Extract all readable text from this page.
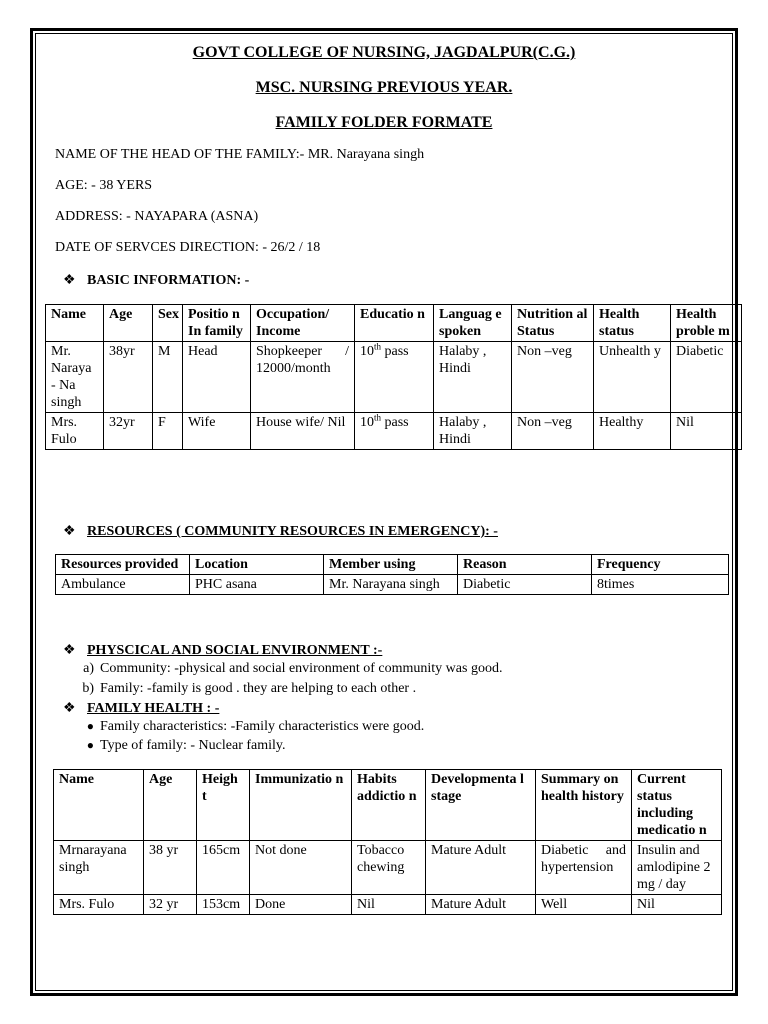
GOVT COLLEGE OF NURSING, JAGDALPUR(C.G.)
MSC. NURSING PREVIOUS YEAR.
FAMILY FOLDER FORMATE
NAME OF THE HEAD OF THE FAMILY:- MR. Narayana singh
AGE: - 38 YERS
ADDRESS: - NAYAPARA (ASNA)
DATE OF SERVCES DIRECTION: - 26/2 / 18
❖ BASIC INFORMATION: -
Name	Age	Sex	Positio n In family	Occupation/ Income	Educatio n	Languag e spoken	Nutrition al Status	Health status	Health proble m
Mr. Naraya - Na singh	38yr	M	Head	Shopkeeper / 12000/month	10th pass	Halaby , Hindi	Non –veg	Unhealth y	Diabetic
Mrs. Fulo	32yr	F	Wife	House wife/ Nil	10th pass	Halaby , Hindi	Non –veg	Healthy	Nil
❖ RESOURCES ( COMMUNITY RESOURCES IN EMERGENCY): -
Resources provided	Location	Member using	Reason	Frequency
Ambulance	PHC asana	Mr. Narayana singh	Diabetic	8times
❖ PHYSCICAL AND SOCIAL ENVIRONMENT :-
a) Community: -physical and social environment of community was good.
b) Family: -family is good . they are helping to each other .
❖ FAMILY HEALTH : -
● Family characteristics: -Family characteristics were good.
● Type of family: - Nuclear family.
Name	Age	Heigh t	Immunizatio n	Habits addictio n	Developmenta l stage	Summary on health history	Current status including medicatio n
Mrnarayana singh	38 yr	165cm	Not done	Tobacco chewing	Mature Adult	Diabetic and hypertension	Insulin and amlodipine 2 mg / day
Mrs. Fulo	32 yr	153cm	Done	Nil	Mature Adult	Well	Nil
